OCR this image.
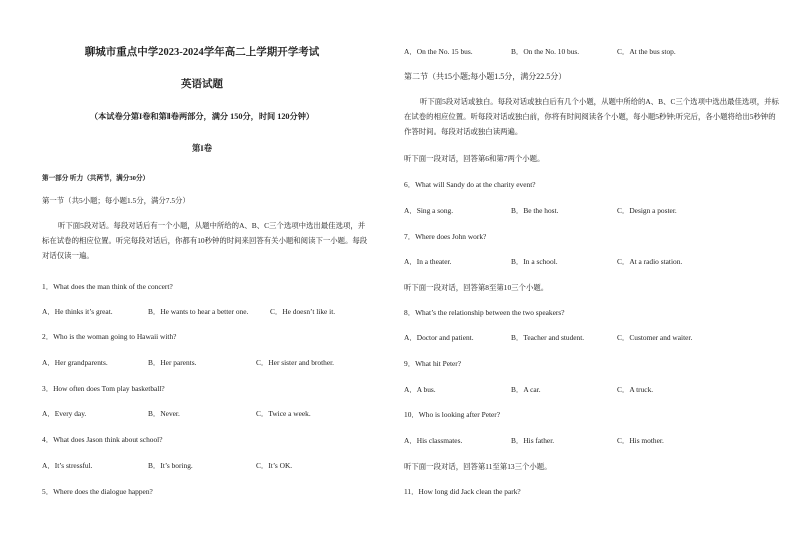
聊城市重点中学2023-2024学年高二上学期开学考试
英语试题
（本试卷分第I卷和第Ⅱ卷两部分，满分 150分，时间 120分钟）
第I卷
第一部分 听力（共两节，满分30分）
第一节（共5小题；每小题1.5分，满分7.5分）
听下面5段对话。每段对话后有一个小题，从题中所给的A、B、C三个选项中选出最佳选项，并标在试卷的相应位置。听完每段对话后，你都有10秒钟的时间来回答有关小题和阅读下一小题。每段对话仅读一遍。
1．What does the man think of the concert?
A．He thinks it’s great.	B．He wants to hear a better one.	C．He doesn’t like it.
2．Who is the woman going to Hawaii with?
A．Her grandparents.	B．Her parents.	C．Her sister and brother.
3．How often does Tom play basketball?
A．Every day.	B．Never.	C．Twice a week.
4．What does Jason think about school?
A．It’s stressful.	B．It’s boring.	C．It’s OK.
5．Where does the dialogue happen?
A．On the No. 15 bus.	B．On the No. 10 bus.	C．At the bus stop.
第二节（共15小题;每小题1.5分，满分22.5分）
听下面5段对话或独白。每段对话或独白后有几个小题，从题中所给的A、B、C三个选项中选出最佳选项，并标在试卷的相应位置。听每段对话或独白前，你将有时间阅读各个小题，每小题5秒钟;听完后，各小题将给出5秒钟的作答时间。每段对话或独白读两遍。
听下面一段对话，回答第6和第7两个小题。
6．What will Sandy do at the charity event?
A．Sing a song.	B．Be the host.	C．Design a poster.
7．Where does John work?
A．In a theater.	B．In a school.	C．At a radio station.
听下面一段对话，回答第8至第10三个小题。
8．What’s the relationship between the two speakers?
A．Doctor and patient.	B．Teacher and student.	C．Customer and waiter.
9．What hit Peter?
A．A bus.	B．A car.	C．A truck.
10．Who is looking after Peter?
A．His classmates.	B．His father.	C．His mother.
听下面一段对话，回答第11至第13三个小题。
11．How long did Jack clean the park?
